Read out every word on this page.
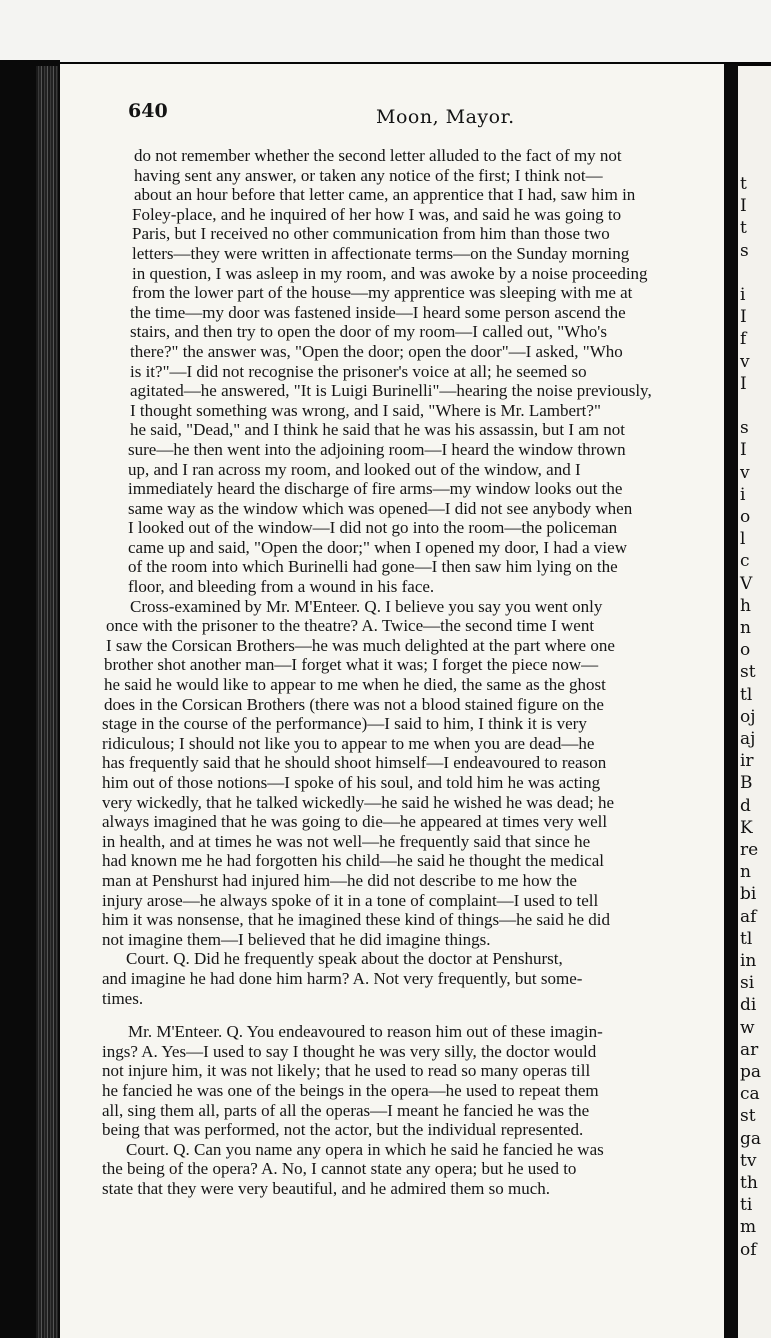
t
I
t
s
i
I
f
v
I
s
I
v
i
o
l
c
V
h
n
o
st
tl
oj
aj
ir
B
d
K
re
n
bi
af
tl
in
si
di
w
ar
pa
ca
st
ga
tv
th
ti
m
of
640	Moon, Mayor.
do not remember whether the second letter alluded to the fact of my not
having sent any answer, or taken any notice of the first; I think not—
about an hour before that letter came, an apprentice that I had, saw him in
Foley-place, and he inquired of her how I was, and said he was going to
Paris, but I received no other communication from him than those two
letters—they were written in affectionate terms—on the Sunday morning
in question, I was asleep in my room, and was awoke by a noise proceeding
from the lower part of the house—my apprentice was sleeping with me at
the time—my door was fastened inside—I heard some person ascend the
stairs, and then try to open the door of my room—I called out, "Who's
there?" the answer was, "Open the door; open the door"—I asked, "Who
is it?"—I did not recognise the prisoner's voice at all; he seemed so
agitated—he answered, "It is Luigi Burinelli"—hearing the noise previously,
I thought something was wrong, and I said, "Where is Mr. Lambert?"
he said, "Dead," and I think he said that he was his assassin, but I am not
sure—he then went into the adjoining room—I heard the window thrown
up, and I ran across my room, and looked out of the window, and I
immediately heard the discharge of fire arms—my window looks out the
same way as the window which was opened—I did not see anybody when
I looked out of the window—I did not go into the room—the policeman
came up and said, "Open the door;" when I opened my door, I had a view
of the room into which Burinelli had gone—I then saw him lying on the
floor, and bleeding from a wound in his face.
Cross-examined by Mr. M'Enteer. Q. I believe you say you went only
once with the prisoner to the theatre? A. Twice—the second time I went
I saw the Corsican Brothers—he was much delighted at the part where one
brother shot another man—I forget what it was; I forget the piece now—
he said he would like to appear to me when he died, the same as the ghost
does in the Corsican Brothers (there was not a blood stained figure on the
stage in the course of the performance)—I said to him, I think it is very
ridiculous; I should not like you to appear to me when you are dead—he
has frequently said that he should shoot himself—I endeavoured to reason
him out of those notions—I spoke of his soul, and told him he was acting
very wickedly, that he talked wickedly—he said he wished he was dead; he
always imagined that he was going to die—he appeared at times very well
in health, and at times he was not well—he frequently said that since he
had known me he had forgotten his child—he said he thought the medical
man at Penshurst had injured him—he did not describe to me how the
injury arose—he always spoke of it in a tone of complaint—I used to tell
him it was nonsense, that he imagined these kind of things—he said he did
not imagine them—I believed that he did imagine things.
Court. Q. Did he frequently speak about the doctor at Penshurst,
and imagine he had done him harm? A. Not very frequently, but some-
times.
Mr. M'Enteer. Q. You endeavoured to reason him out of these imagin-
ings? A. Yes—I used to say I thought he was very silly, the doctor would
not injure him, it was not likely; that he used to read so many operas till
he fancied he was one of the beings in the opera—he used to repeat them
all, sing them all, parts of all the operas—I meant he fancied he was the
being that was performed, not the actor, but the individual represented.
Court. Q. Can you name any opera in which he said he fancied he was
the being of the opera? A. No, I cannot state any opera; but he used to
state that they were very beautiful, and he admired them so much.
